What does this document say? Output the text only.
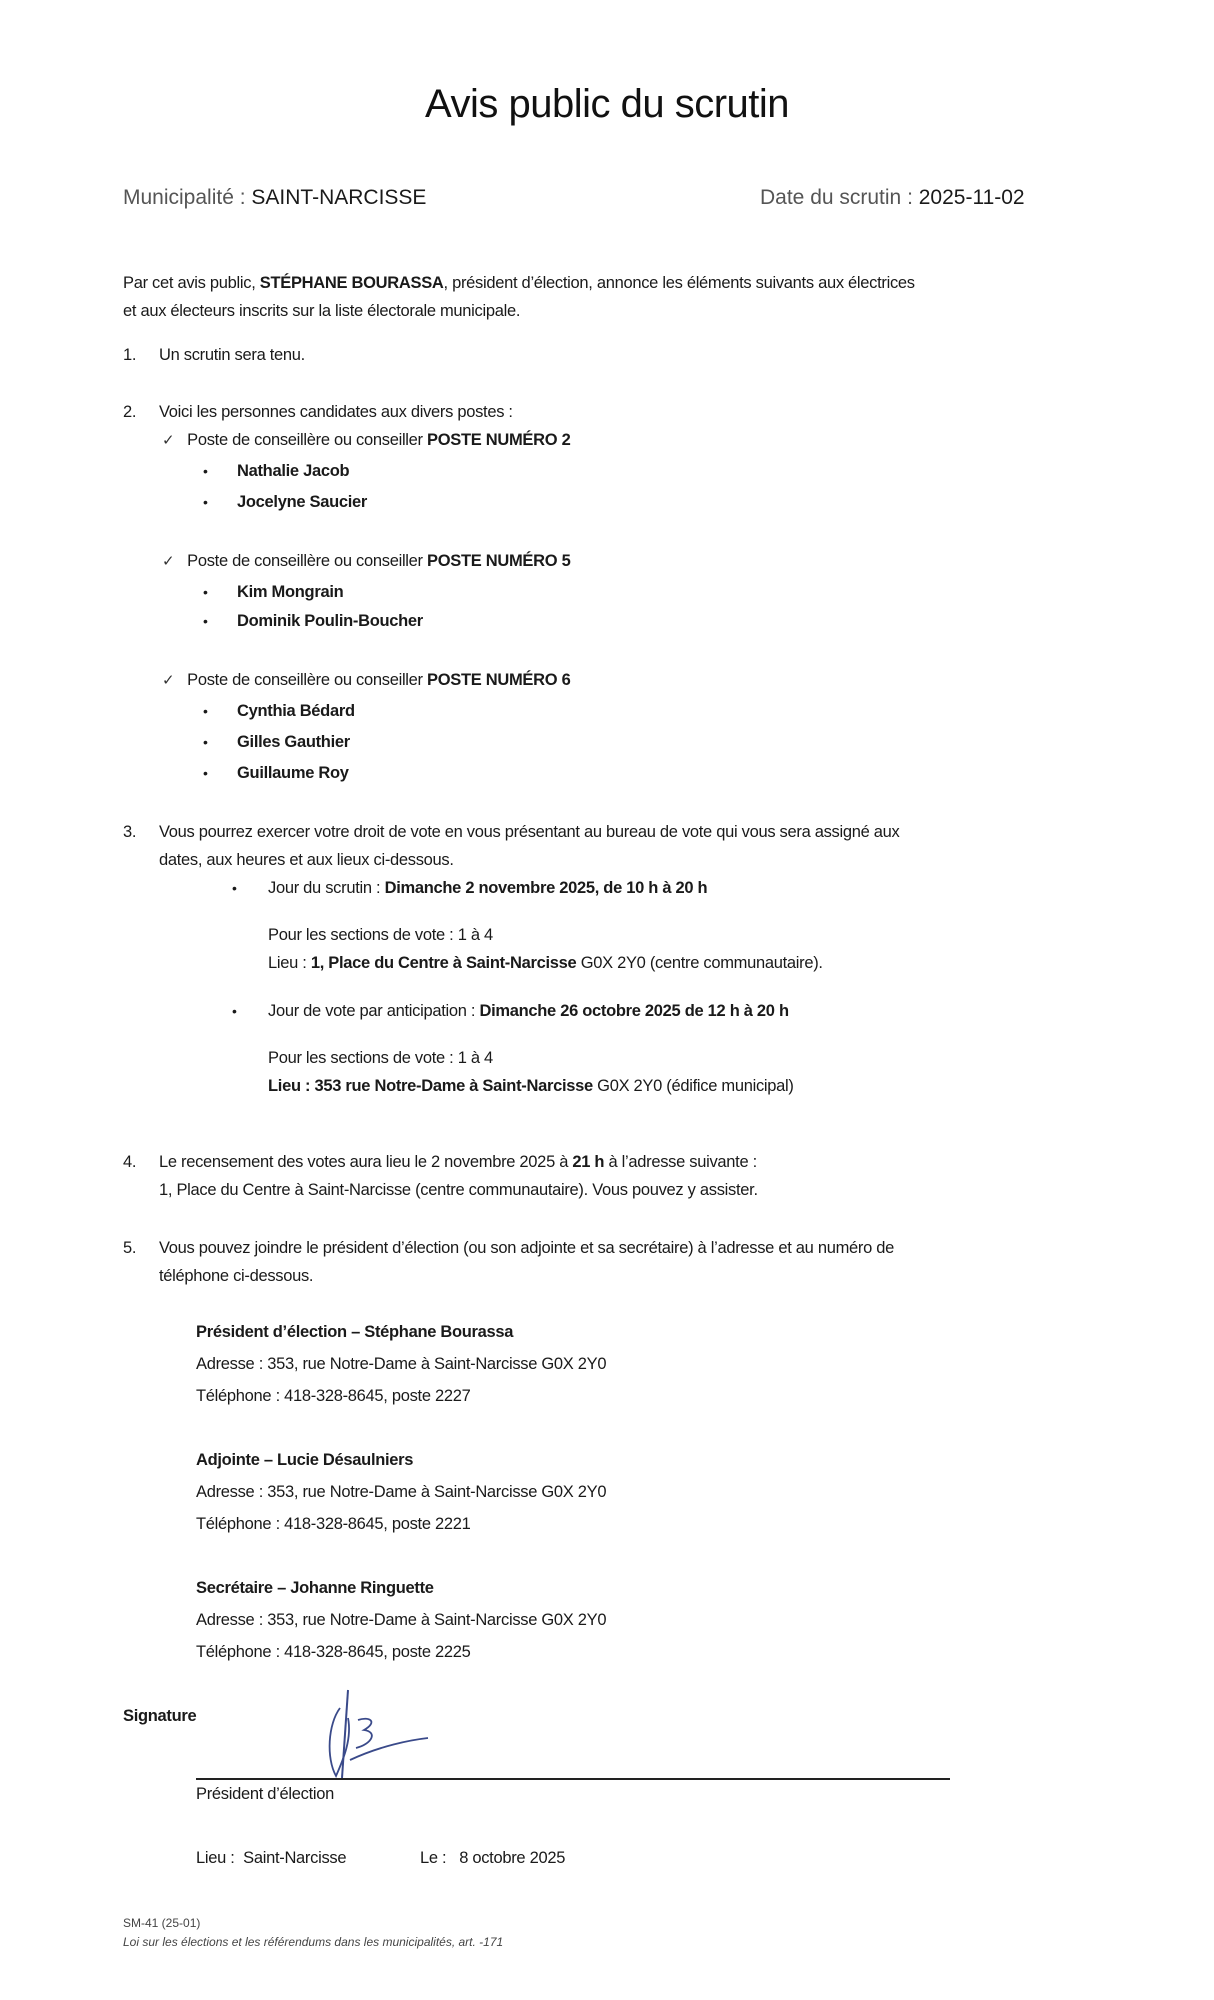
Avis public du scrutin
Municipalité : SAINT-NARCISSE	Date du scrutin : 2025-11-02
Par cet avis public, STÉPHANE BOURASSA, président d’élection, annonce les éléments suivants aux électrices
et aux électeurs inscrits sur la liste électorale municipale.
1. Un scrutin sera tenu.
2. Voici les personnes candidates aux divers postes :
✓ Poste de conseillère ou conseiller POSTE NUMÉRO 2
• Nathalie Jacob
• Jocelyne Saucier
✓ Poste de conseillère ou conseiller POSTE NUMÉRO 5
• Kim Mongrain
• Dominik Poulin-Boucher
✓ Poste de conseillère ou conseiller POSTE NUMÉRO 6
• Cynthia Bédard
• Gilles Gauthier
• Guillaume Roy
3. Vous pourrez exercer votre droit de vote en vous présentant au bureau de vote qui vous sera assigné aux
dates, aux heures et aux lieux ci-dessous.
• Jour du scrutin : Dimanche 2 novembre 2025, de 10 h à 20 h
Pour les sections de vote : 1 à 4
Lieu : 1, Place du Centre à Saint-Narcisse G0X 2Y0 (centre communautaire).
• Jour de vote par anticipation : Dimanche 26 octobre 2025 de 12 h à 20 h
Pour les sections de vote : 1 à 4
Lieu : 353 rue Notre-Dame à Saint-Narcisse G0X 2Y0 (édifice municipal)
4. Le recensement des votes aura lieu le 2 novembre 2025 à 21 h à l’adresse suivante :
1, Place du Centre à Saint-Narcisse (centre communautaire). Vous pouvez y assister.
5. Vous pouvez joindre le président d’élection (ou son adjointe et sa secrétaire) à l’adresse et au numéro de
téléphone ci-dessous.
Président d’élection – Stéphane Bourassa
Adresse : 353, rue Notre-Dame à Saint-Narcisse G0X 2Y0
Téléphone : 418-328-8645, poste 2227
Adjointe – Lucie Désaulniers
Adresse : 353, rue Notre-Dame à Saint-Narcisse G0X 2Y0
Téléphone : 418-328-8645, poste 2221
Secrétaire – Johanne Ringuette
Adresse : 353, rue Notre-Dame à Saint-Narcisse G0X 2Y0
Téléphone : 418-328-8645, poste 2225
Signature
Président d’élection
Lieu :  Saint-Narcisse	Le :   8 octobre 2025
SM-41 (25-01)
Loi sur les élections et les référendums dans les municipalités, art. -171
